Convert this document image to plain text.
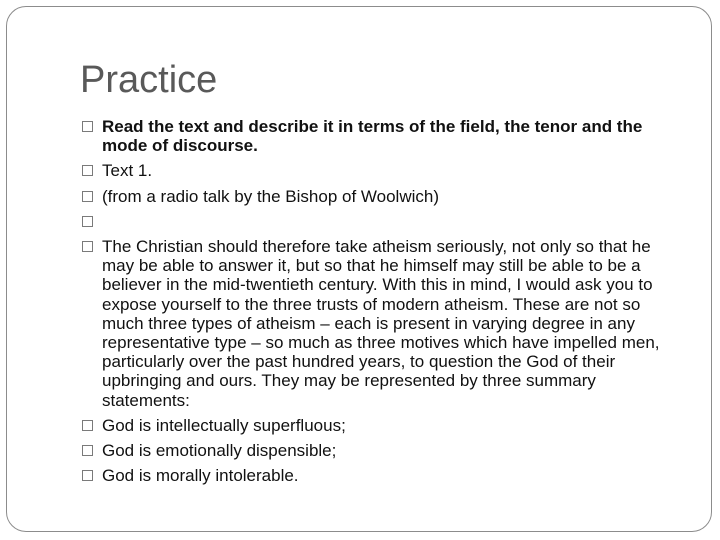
Practice
Read the text and describe it in terms of the field, the tenor and the mode of discourse.
Text 1.
(from a radio talk by the Bishop of Woolwich)
The Christian should therefore take atheism seriously, not only so that he may be able to answer it, but so that he himself may still be able to be a believer in the mid-twentieth century. With this in mind, I would ask you to expose yourself to the three trusts of modern atheism. These are not so much three types of atheism – each is present in varying degree in any representative type – so much as three motives which have impelled men, particularly over the past hundred years, to question the God of their upbringing and ours. They may be represented by three summary statements:
God is intellectually superfluous;
God is emotionally dispensible;
God is morally intolerable.
